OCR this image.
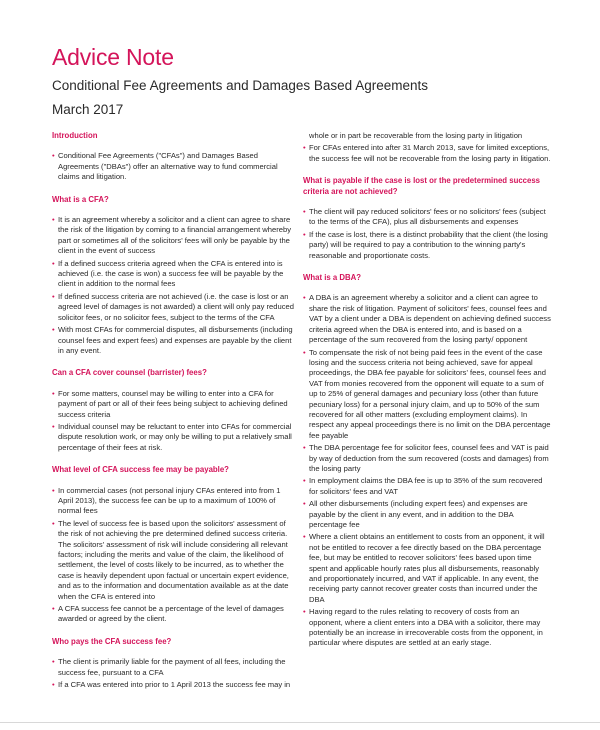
Advice Note
Conditional Fee Agreements and Damages Based Agreements
March 2017
Introduction
• Conditional Fee Agreements ("CFAs") and Damages Based Agreements ("DBAs") offer an alternative way to fund commercial claims and litigation.
What is a CFA?
• It is an agreement whereby a solicitor and a client can agree to share the risk of the litigation by coming to a financial arrangement whereby part or sometimes all of the solicitors' fees will only be payable by the client in the event of success
• If a defined success criteria agreed when the CFA is entered into is achieved (i.e. the case is won) a success fee will be payable by the client in addition to the normal fees
• If defined success criteria are not achieved (i.e. the case is lost or an agreed level of damages is not awarded) a client will only pay reduced solicitor fees, or no solicitor fees, subject to the terms of the CFA
• With most CFAs for commercial disputes, all disbursements (including counsel fees and expert fees) and expenses are payable by the client in any event.
Can a CFA cover counsel (barrister) fees?
• For some matters, counsel may be willing to enter into a CFA for payment of part or all of their fees being subject to achieving defined success criteria
• Individual counsel may be reluctant to enter into CFAs for commercial dispute resolution work, or may only be willing to put a relatively small percentage of their fees at risk.
What level of CFA success fee may be payable?
• In commercial cases (not personal injury CFAs entered into from 1 April 2013), the success fee can be up to a maximum of 100% of normal fees
• The level of success fee is based upon the solicitors' assessment of the risk of not achieving the pre determined defined success criteria. The solicitors' assessment of risk will include considering all relevant factors; including the merits and value of the claim, the likelihood of settlement, the level of costs likely to be incurred, as to whether the case is heavily dependent upon factual or uncertain expert evidence, and as to the information and documentation available as at the date when the CFA is entered into
• A CFA success fee cannot be a percentage of the level of damages awarded or agreed by the client.
Who pays the CFA success fee?
• The client is primarily liable for the payment of all fees, including the success fee, pursuant to a CFA
• If a CFA was entered into prior to 1 April 2013 the success fee may in
whole or in part be recoverable from the losing party in litigation
• For CFAs entered into after 31 March 2013, save for limited exceptions, the success fee will not be recoverable from the losing party in litigation.
What is payable if the case is lost or the predetermined success criteria are not achieved?
• The client will pay reduced solicitors' fees or no solicitors' fees (subject to the terms of the CFA), plus all disbursements and expenses
• If the case is lost, there is a distinct probability that the client (the losing party) will be required to pay a contribution to the winning party's reasonable and proportionate costs.
What is a DBA?
• A DBA is an agreement whereby a solicitor and a client can agree to share the risk of litigation. Payment of solicitors' fees, counsel fees and VAT by a client under a DBA is dependent on achieving defined success criteria agreed when the DBA is entered into, and is based on a percentage of the sum recovered from the losing party/ opponent
• To compensate the risk of not being paid fees in the event of the case losing and the success criteria not being achieved, save for appeal proceedings, the DBA fee payable for solicitors' fees, counsel fees and VAT from monies recovered from the opponent will equate to a sum of up to 25% of general damages and pecuniary loss (other than future pecuniary loss) for a personal injury claim, and up to 50% of the sum recovered for all other matters (excluding employment claims). In respect any appeal proceedings there is no limit on the DBA percentage fee payable
• The DBA percentage fee for solicitor fees, counsel fees and VAT is paid by way of deduction from the sum recovered (costs and damages) from the losing party
• In employment claims the DBA fee is up to 35% of the sum recovered for solicitors' fees and VAT
• All other disbursements (including expert fees) and expenses are payable by the client in any event, and in addition to the DBA percentage fee
• Where a client obtains an entitlement to costs from an opponent, it will not be entitled to recover a fee directly based on the DBA percentage fee, but may be entitled to recover solicitors' fees based upon time spent and applicable hourly rates plus all disbursements, reasonably and proportionately incurred, and VAT if applicable. In any event, the receiving party cannot recover greater costs than incurred under the DBA
• Having regard to the rules relating to recovery of costs from an opponent, where a client enters into a DBA with a solicitor, there may potentially be an increase in irrecoverable costs from the opponent, in particular where disputes are settled at an early stage.
